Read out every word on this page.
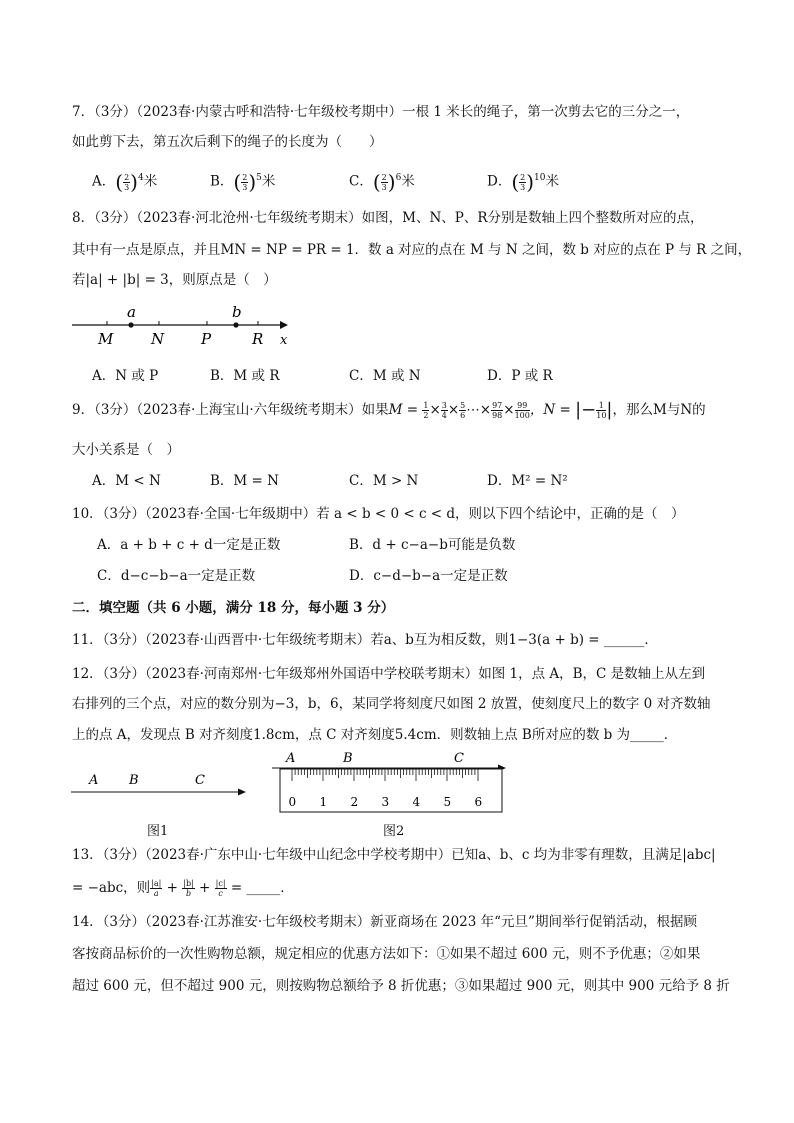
7．（3分）（2023春·内蒙古呼和浩特·七年级校考期中）一根 1 米长的绳子，第一次剪去它的三分之一，
如此剪下去，第五次后剩下的绳子的长度为（　　）
A．( $\frac{2}{3} )^4$米	B．( $\frac{2}{3} )^5$米	C．( $\frac{2}{3} )^6$米	D．( $\frac{2}{3} )^{10}$米
8．（3分）（2023春·河北沧州·七年级统考期末）如图，M、N、P、R分别是数轴上四个整数所对应的点，
其中有一点是原点，并且MN = NP = PR = 1．数 a 对应的点在 M 与 N 之间，数 b 对应的点在 P 与 R 之间，
若|a| + |b| = 3，则原点是（　）
a	b
M	N P	R x
A．N 或 P	B．M 或 R	C．M 或 N	D．P 或 R
9．（3分）（2023春·上海宝山·六年级统考期末）如果$M = \frac{1}{2} \times \frac{3}{4} \times \frac{5}{6}$ ⋯× $\frac{97}{98} \times \frac{99}{100}$ ，N = |− $\frac{1}{10}$ |，那么M与N的
大小关系是（　）
A．M < N	B．M = N	C．M > N	D．M² = N²
10．（3分）（2023春·全国·七年级期中）若 a < b < 0 < c < d，则以下四个结论中，正确的是（　）
A．a + b + c + d一定是正数	B．d + c−a−b可能是负数
C．d−c−b−a一定是正数	D．c−d−b−a一定是正数
二．填空题（共 6 小题，满分 18 分，每小题 3 分）
11．（3分）（2023春·山西晋中·七年级统考期末）若a、b互为相反数，则1−3(a + b) = ______．
12．（3分）（2023春·河南郑州·七年级郑州外国语中学校联考期末）如图 1，点 A，B，C 是数轴上从左到
右排列的三个点，对应的数分别为−3，b，6，某同学将刻度尺如图 2 放置，使刻度尺上的数字 0 对齐数轴
上的点 A，发现点 B 对齐刻度1.8cm，点 C 对齐刻度5.4cm．则数轴上点 B所对应的数 b 为_____．
A B	C
图1
0 1 2 3 4 5 6
A	B	C
图2
13．（3分）（2023春·广东中山·七年级中山纪念中学校考期中）已知a、b、c 均为非零有理数，且满足|abc|
= −abc，则 $\frac{|a|}{a} + \frac{|b|}{b} + \frac{|c|}{c}$ = _____．
14．（3分）（2023春·江苏淮安·七年级校考期末）新亚商场在 2023 年“元旦”期间举行促销活动，根据顾
客按商品标价的一次性购物总额，规定相应的优惠方法如下：①如果不超过 600 元，则不予优惠；②如果
超过 600 元，但不超过 900 元，则按购物总额给予 8 折优惠；③如果超过 900 元，则其中 900 元给予 8 折
